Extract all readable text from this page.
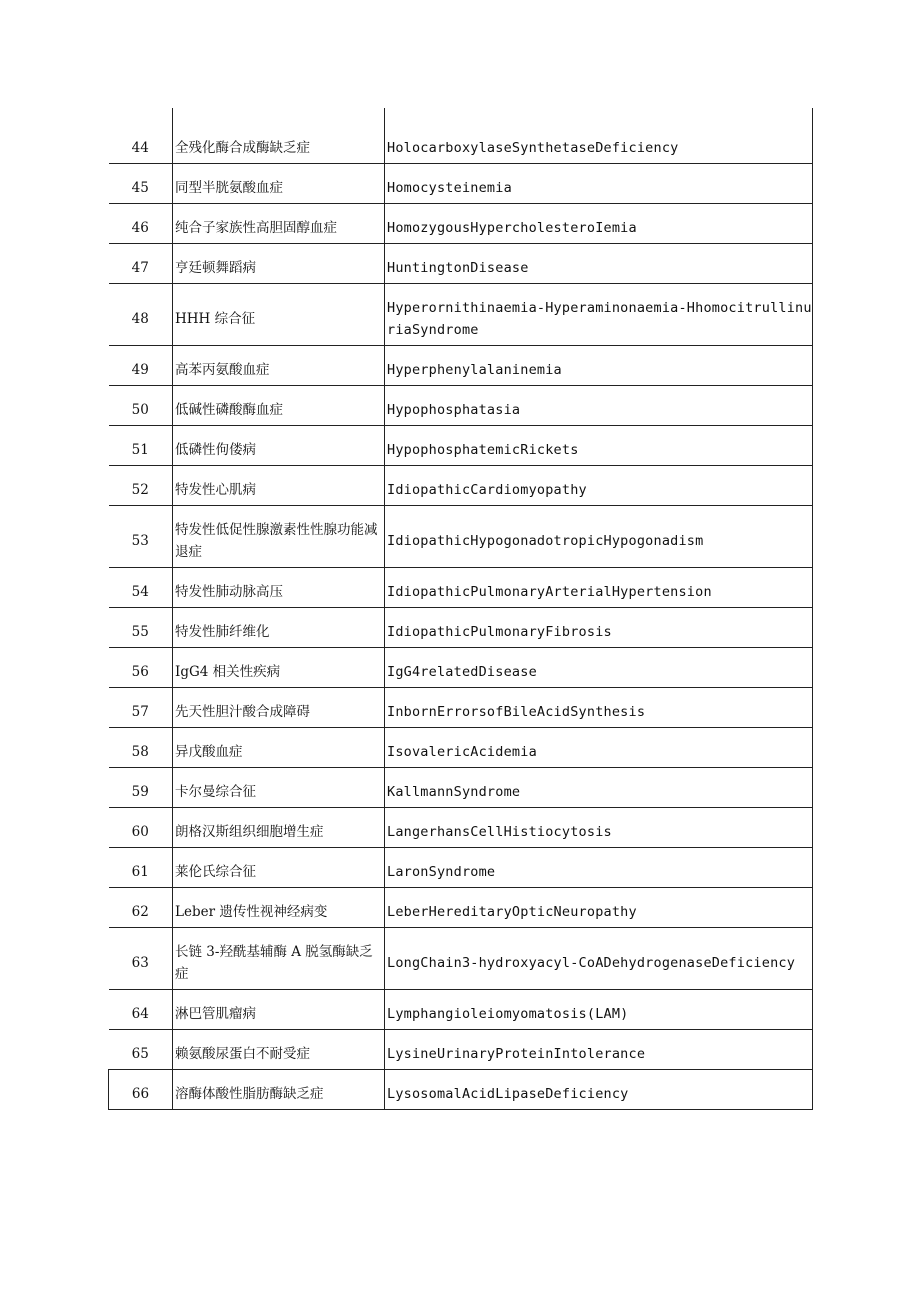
44	全残化酶合成酶缺乏症	HolocarboxylaseSynthetaseDeficiency
45	同型半胱氨酸血症	Homocysteinemia
46	纯合子家族性高胆固醇血症	HomozygousHypercholesteroIemia
47	亨廷顿舞蹈病	HuntingtonDisease
48	HHH 综合征	Hyperornithinaemia-Hyperaminonaemia-HhomocitrullinuriaSyndrome
49	高苯丙氨酸血症	Hyperphenylalaninemia
50	低碱性磷酸酶血症	Hypophosphatasia
51	低磷性佝偻病	HypophosphatemicRickets
52	特发性心肌病	IdiopathicCardiomyopathy
53	特发性低促性腺激素性性腺功能减退症	IdiopathicHypogonadotropicHypogonadism
54	特发性肺动脉高压	IdiopathicPulmonaryArterialHypertension
55	特发性肺纤维化	IdiopathicPulmonaryFibrosis
56	IgG4 相关性疾病	IgG4relatedDisease
57	先天性胆汁酸合成障碍	InbornErrorsofBileAcidSynthesis
58	异戊酸血症	IsovalericAcidemia
59	卡尔曼综合征	KallmannSyndrome
60	朗格汉斯组织细胞增生症	LangerhansCellHistiocytosis
61	莱伦氏综合征	LaronSyndrome
62	Leber 遗传性视神经病变	LeberHereditaryOpticNeuropathy
63	长链 3-羟酰基辅酶 A 脱氢酶缺乏症	LongChain3-hydroxyacyl-CoADehydrogenaseDeficiency
64	淋巴管肌瘤病	Lymphangioleiomyomatosis(LAM)
65	赖氨酸尿蛋白不耐受症	LysineUrinaryProteinIntolerance
66	溶酶体酸性脂肪酶缺乏症	LysosomalAcidLipaseDeficiency
